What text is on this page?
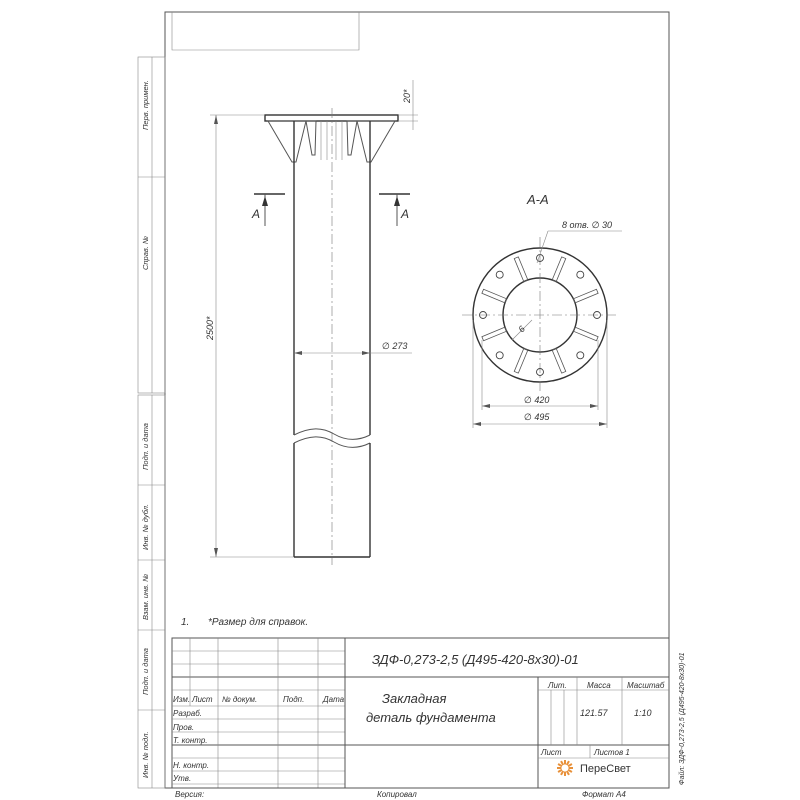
Перв. примен.
Справ. №
Подп. и дата
Инв. № дубл.
Взам. инв. №
Подп. и дата
Инв. № подл.
A	A
20*
2500*
∅ 273
A-A
8 отв. ∅ 30
6
∅ 420
∅ 495
1. *Размер для справок.
ЗДФ-0,273-2,5 (Д495-420-8х30)-01
Изм. Лист № докум.	Подп. Дата
Разраб.
Пров.
Т. контр.
Н. контр.
Утв.
Закладная
деталь фундамента
Лит.	Масса Масштаб
121.57	1:10
Лист	Листов 1
ПереСвет
Версия:	Копировал	Формат А4
Файл: ЗДФ-0,273-2,5 (Д495-420-8х30)-01
